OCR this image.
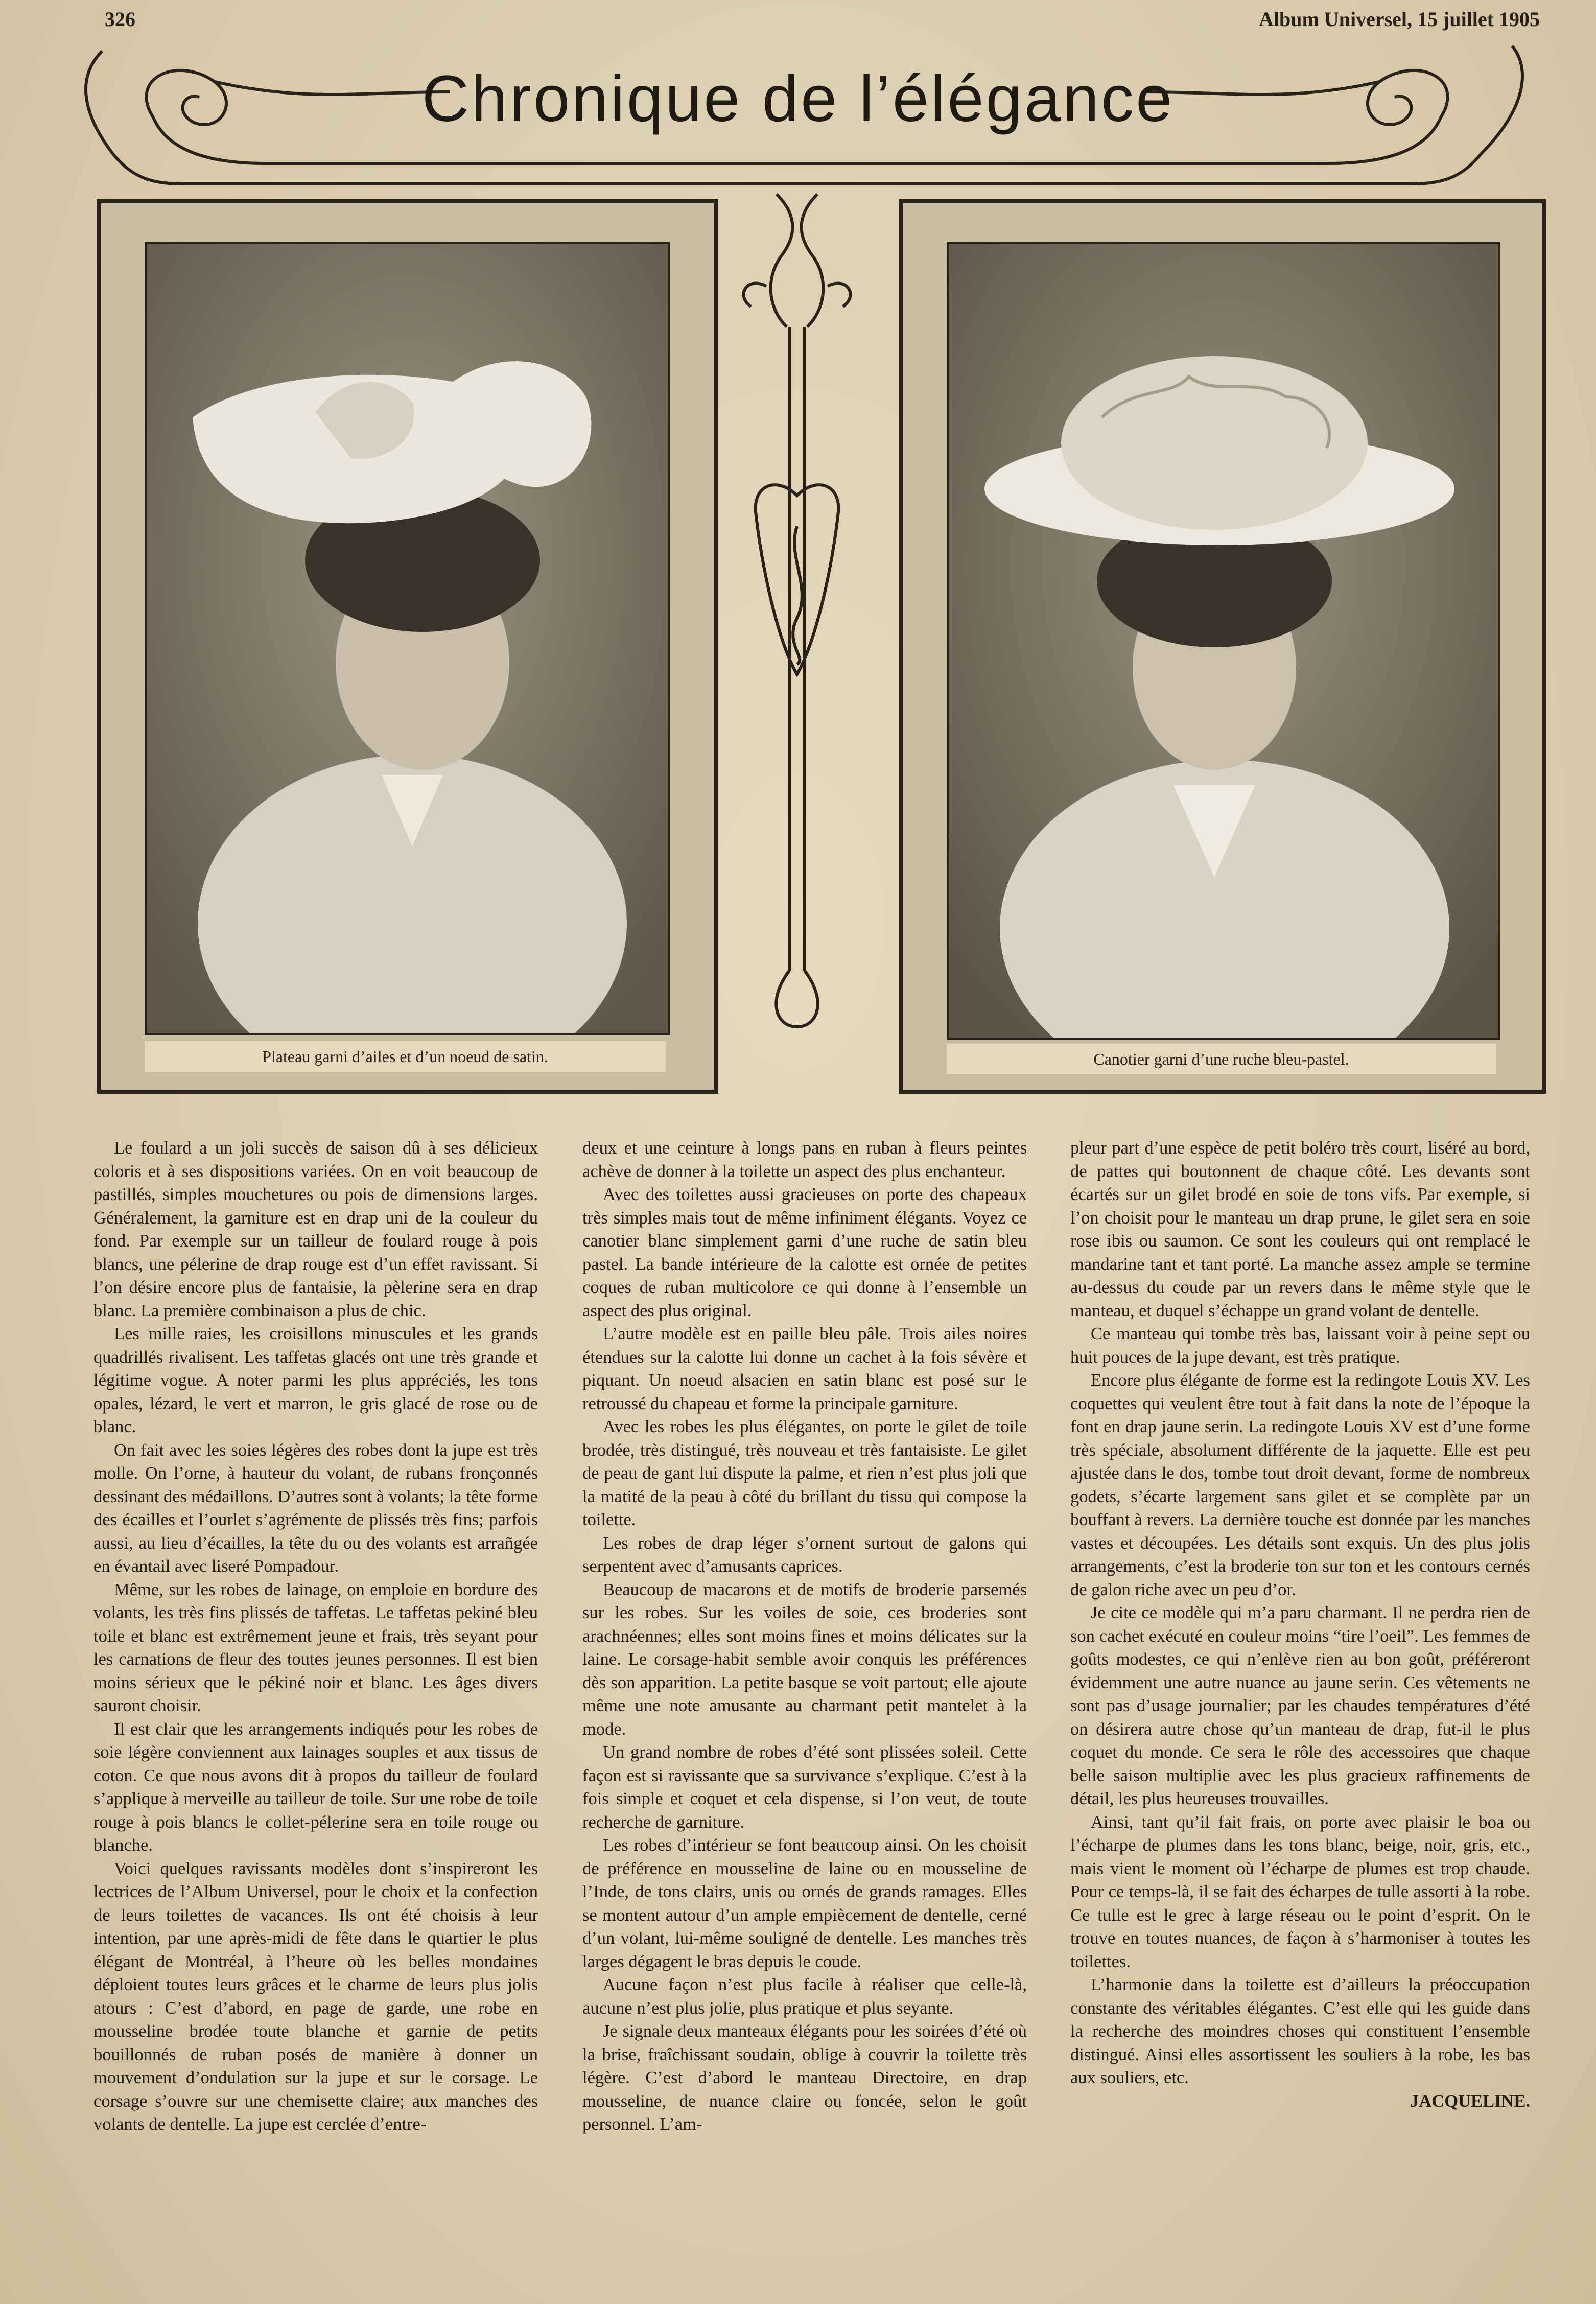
326	Album Universel, 15 juillet 1905
Chronique de l’élégance
Plateau garni d’ailes et d’un noeud de satin.	Canotier garni d’une ruche bleu-pastel.

Le foulard a un joli succès de saison dû à ses délicieux coloris et à ses dispositions variées. On en voit beaucoup de pastillés, simples mouchetures ou pois de dimensions larges. Généralement, la garniture est en drap uni de la couleur du fond. Par exemple sur un tailleur de foulard rouge à pois blancs, une pélerine de drap rouge est d’un effet ravissant. Si l’on désire encore plus de fantaisie, la pèlerine sera en drap blanc. La première combinaison a plus de chic.

Les mille raies, les croisillons minuscules et les grands quadrillés rivalisent. Les taffetas glacés ont une très grande et légitime vogue. A noter parmi les plus appréciés, les tons opales, lézard, le vert et marron, le gris glacé de rose ou de blanc.

On fait avec les soies légères des robes dont la jupe est très molle. On l’orne, à hauteur du volant, de rubans fronçonnés dessinant des médaillons. D’autres sont à volants; la tête forme des écailles et l’ourlet s’agrémente de plissés très fins; parfois aussi, au lieu d’écailles, la tête du ou des volants est arrañgée en évantail avec liseré Pompadour.

Même, sur les robes de lainage, on emploie en bordure des volants, les très fins plissés de taffetas. Le taffetas pekiné bleu toile et blanc est extrêmement jeune et frais, très seyant pour les carnations de fleur des toutes jeunes personnes. Il est bien moins sérieux que le pékiné noir et blanc. Les âges divers sauront choisir.

Il est clair que les arrangements indiqués pour les robes de soie légère conviennent aux lainages souples et aux tissus de coton. Ce que nous avons dit à propos du tailleur de foulard s’applique à merveille au tailleur de toile. Sur une robe de toile rouge à pois blancs le collet-pélerine sera en toile rouge ou blanche.

Voici quelques ravissants modèles dont s’inspireront les lectrices de l’Album Universel, pour le choix et la confection de leurs toilettes de vacances. Ils ont été choisis à leur intention, par une après-midi de fête dans le quartier le plus élégant de Montréal, à l’heure où les belles mondaines déploient toutes leurs grâces et le charme de leurs plus jolis atours : C’est d’abord, en page de garde, une robe en mousseline brodée toute blanche et garnie de petits bouillonnés de ruban posés de manière à donner un mouvement d’ondulation sur la jupe et sur le corsage. Le corsage s’ouvre sur une chemisette claire; aux manches des volants de dentelle. La jupe est cerclée d’entre-

deux et une ceinture à longs pans en ruban à fleurs peintes achève de donner à la toilette un aspect des plus enchanteur.

Avec des toilettes aussi gracieuses on porte des chapeaux très simples mais tout de même infiniment élégants. Voyez ce canotier blanc simplement garni d’une ruche de satin bleu pastel. La bande intérieure de la calotte est ornée de petites coques de ruban multicolore ce qui donne à l’ensemble un aspect des plus original.

L’autre modèle est en paille bleu pâle. Trois ailes noires étendues sur la calotte lui donne un cachet à la fois sévère et piquant. Un noeud alsacien en satin blanc est posé sur le retroussé du chapeau et forme la principale garniture.

Avec les robes les plus élégantes, on porte le gilet de toile brodée, très distingué, très nouveau et très fantaisiste. Le gilet de peau de gant lui dispute la palme, et rien n’est plus joli que la matité de la peau à côté du brillant du tissu qui compose la toilette.

Les robes de drap léger s’ornent surtout de galons qui serpentent avec d’amusants caprices.

Beaucoup de macarons et de motifs de broderie parsemés sur les robes. Sur les voiles de soie, ces broderies sont arachnéennes; elles sont moins fines et moins délicates sur la laine. Le corsage-habit semble avoir conquis les préférences dès son apparition. La petite basque se voit partout; elle ajoute même une note amusante au charmant petit mantelet à la mode.

Un grand nombre de robes d’été sont plissées soleil. Cette façon est si ravissante que sa survivance s’explique. C’est à la fois simple et coquet et cela dispense, si l’on veut, de toute recherche de garniture.

Les robes d’intérieur se font beaucoup ainsi. On les choisit de préférence en mousseline de laine ou en mousseline de l’Inde, de tons clairs, unis ou ornés de grands ramages. Elles se montent autour d’un ample empiècement de dentelle, cerné d’un volant, lui-même souligné de dentelle. Les manches très larges dégagent le bras depuis le coude.

Aucune façon n’est plus facile à réaliser que celle-là, aucune n’est plus jolie, plus pratique et plus seyante.

Je signale deux manteaux élégants pour les soirées d’été où la brise, fraîchissant soudain, oblige à couvrir la toilette très légère. C’est d’abord le manteau Directoire, en drap mousseline, de nuance claire ou foncée, selon le goût personnel. L’am-

pleur part d’une espèce de petit boléro très court, liséré au bord, de pattes qui boutonnent de chaque côté. Les devants sont écartés sur un gilet brodé en soie de tons vifs. Par exemple, si l’on choisit pour le manteau un drap prune, le gilet sera en soie rose ibis ou saumon. Ce sont les couleurs qui ont remplacé le mandarine tant et tant porté. La manche assez ample se termine au-dessus du coude par un revers dans le même style que le manteau, et duquel s’échappe un grand volant de dentelle.

Ce manteau qui tombe très bas, laissant voir à peine sept ou huit pouces de la jupe devant, est très pratique.

Encore plus élégante de forme est la redingote Louis XV. Les coquettes qui veulent être tout à fait dans la note de l’époque la font en drap jaune serin. La redingote Louis XV est d’une forme très spéciale, absolument différente de la jaquette. Elle est peu ajustée dans le dos, tombe tout droit devant, forme de nombreux godets, s’écarte largement sans gilet et se complète par un bouffant à revers. La dernière touche est donnée par les manches vastes et découpées. Les détails sont exquis. Un des plus jolis arrangements, c’est la broderie ton sur ton et les contours cernés de galon riche avec un peu d’or.

Je cite ce modèle qui m’a paru charmant. Il ne perdra rien de son cachet exécuté en couleur moins “tire l’oeil”. Les femmes de goûts modestes, ce qui n’enlève rien au bon goût, préféreront évidemment une autre nuance au jaune serin. Ces vêtements ne sont pas d’usage journalier; par les chaudes températures d’été on désirera autre chose qu’un manteau de drap, fut-il le plus coquet du monde. Ce sera le rôle des accessoires que chaque belle saison multiplie avec les plus gracieux raffinements de détail, les plus heureuses trouvailles.

Ainsi, tant qu’il fait frais, on porte avec plaisir le boa ou l’écharpe de plumes dans les tons blanc, beige, noir, gris, etc., mais vient le moment où l’écharpe de plumes est trop chaude. Pour ce temps-là, il se fait des écharpes de tulle assorti à la robe. Ce tulle est le grec à large réseau ou le point d’esprit. On le trouve en toutes nuances, de façon à s’harmoniser à toutes les toilettes.

L’harmonie dans la toilette est d’ailleurs la préoccupation constante des véritables élégantes. C’est elle qui les guide dans la recherche des moindres choses qui constituent l’ensemble distingué. Ainsi elles assortissent les souliers à la robe, les bas aux souliers, etc.

JACQUELINE.
